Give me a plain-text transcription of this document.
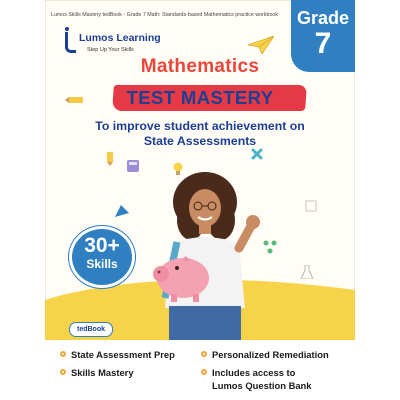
Lumos Skills Mastery tedBook - Grade 7 Math: Standards-based Mathematics practice workbook	Grade
7
Lumos Learning
Step Up Your Skills
Mathematics
TEST MASTERY
To improve student achievement on
State Assessments
30+
Skills
tedBook
State Assessment Prep	Personalized Remediation
Skills Mastery	Includes access to
Lumos Question Bank
